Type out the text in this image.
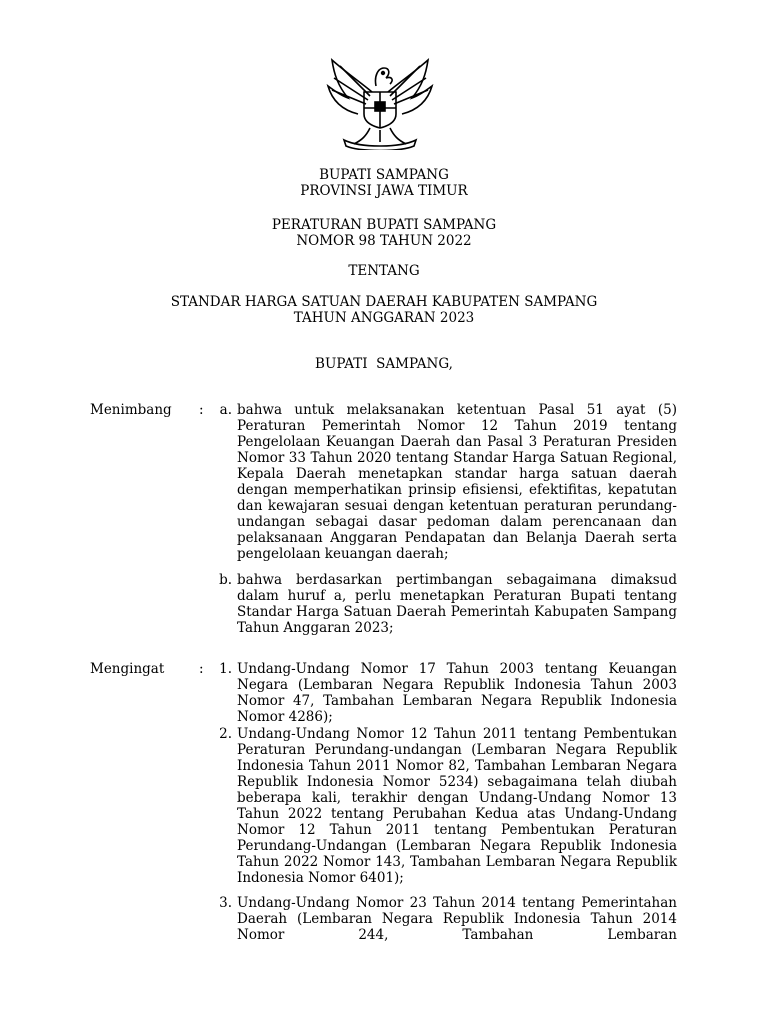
BUPATI SAMPANG
PROVINSI JAWA TIMUR
PERATURAN BUPATI SAMPANG
NOMOR 98 TAHUN 2022
TENTANG
STANDAR HARGA SATUAN DAERAH KABUPATEN SAMPANG
TAHUN ANGGARAN 2023
BUPATI  SAMPANG,
Menimbang :	a. bahwa untuk melaksanakan ketentuan Pasal 51 ayat (5) Peraturan Pemerintah Nomor 12 Tahun 2019 tentang Pengelolaan Keuangan Daerah dan Pasal 3 Peraturan Presiden Nomor 33 Tahun 2020 tentang Standar Harga Satuan Regional, Kepala Daerah menetapkan standar harga satuan daerah dengan memperhatikan prinsip efisiensi, efektifitas, kepatutan dan kewajaran sesuai dengan ketentuan peraturan perundang-undangan sebagai dasar pedoman dalam perencanaan dan pelaksanaan Anggaran Pendapatan dan Belanja Daerah serta pengelolaan keuangan daerah;
b. bahwa berdasarkan pertimbangan sebagaimana dimaksud dalam huruf a, perlu menetapkan Peraturan Bupati tentang Standar Harga Satuan Daerah Pemerintah Kabupaten Sampang Tahun Anggaran 2023;
Mengingat	:	1. Undang-Undang Nomor 17 Tahun 2003 tentang Keuangan Negara (Lembaran Negara Republik Indonesia Tahun 2003 Nomor 47, Tambahan Lembaran Negara Republik Indonesia Nomor 4286);
2. Undang-Undang Nomor 12 Tahun 2011 tentang Pembentukan Peraturan Perundang-undangan (Lembaran Negara Republik Indonesia Tahun 2011 Nomor 82, Tambahan Lembaran Negara Republik Indonesia Nomor 5234) sebagaimana telah diubah beberapa kali, terakhir dengan Undang-Undang Nomor 13 Tahun 2022 tentang Perubahan Kedua atas Undang-Undang Nomor 12 Tahun 2011 tentang Pembentukan Peraturan Perundang-Undangan (Lembaran Negara Republik Indonesia Tahun 2022 Nomor 143, Tambahan Lembaran Negara Republik Indonesia Nomor 6401);
3. Undang-Undang Nomor 23 Tahun 2014 tentang Pemerintahan Daerah (Lembaran Negara Republik Indonesia Tahun 2014 Nomor 244, Tambahan Lembaran
